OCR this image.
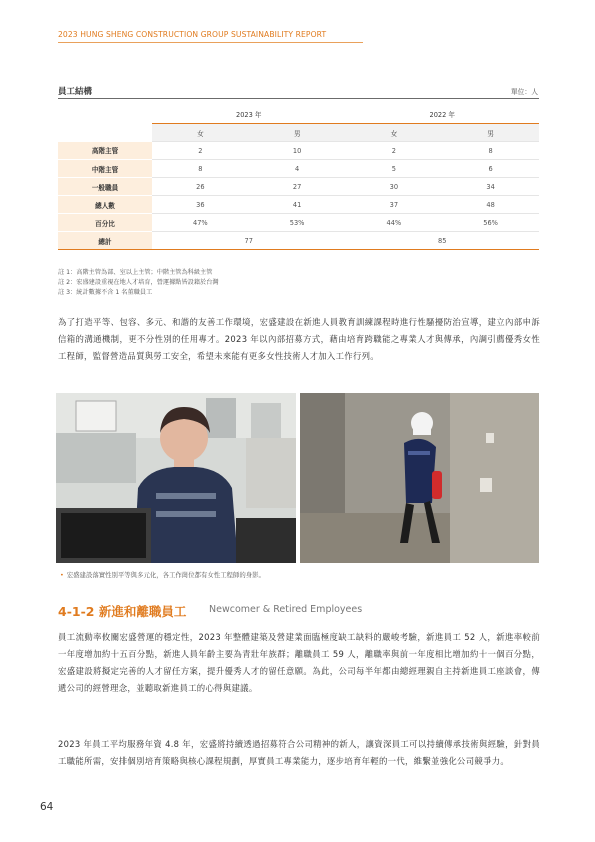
2023 HUNG SHENG CONSTRUCTION GROUP SUSTAINABILITY REPORT
員工結構	單位：人
	2023 年		2022 年	
	女	男	女	男
高階主管	2	10	2	8
中階主管	8	4	5	6
一般職員	26	27	30	34
總人數	36	41	37	48
百分比	47%	53%	44%	56%
總計	77		85	
註 1：高階主管為部、室以上主管；中階主管為科級主管
註 2：宏盛建設重視在地人才培育，營運據點皆設籍於台灣
註 3：統計數據不含 1 名董職員工
為了打造平等、包容、多元、和諧的友善工作環境，宏盛建設在新進人員教育訓練課程時進行性騷擾防治宣導，建立內部申訴信箱的溝通機制，更不分性別的任用專才。2023 年以內部招募方式，藉由培育跨職能之專業人才與傳承，內調引薦優秀女性工程師，監督營造品質與勞工安全，希望未來能有更多女性技術人才加入工作行列。
• 宏盛建設落實性別平等與多元化，各工作崗位都有女性工程師的身影。
4-1-2 新進和離職員工 Newcomer & Retired Employees
員工流動率攸關宏盛營運的穩定性，2023 年整體建築及營建業面臨極度缺工缺料的嚴峻考驗，新進員工 52 人，新進率較前一年度增加約十五百分點，新進人員年齡主要為青壯年族群；離職員工 59 人，離職率與前一年度相比增加約十一個百分點，宏盛建設將擬定完善的人才留任方案，提升優秀人才的留任意願。為此，公司每半年都由總經理親自主持新進員工座談會，傳遞公司的經營理念，並聽取新進員工的心得與建議。
2023 年員工平均服務年資 4.8 年，宏盛將持續透過招募符合公司精神的新人，讓資深員工可以持續傳承技術與經驗，針對員工職能所需，安排個別培育策略與核心課程規劃，厚實員工專業能力，逐步培育年輕的一代，維繫並強化公司競爭力。
64
